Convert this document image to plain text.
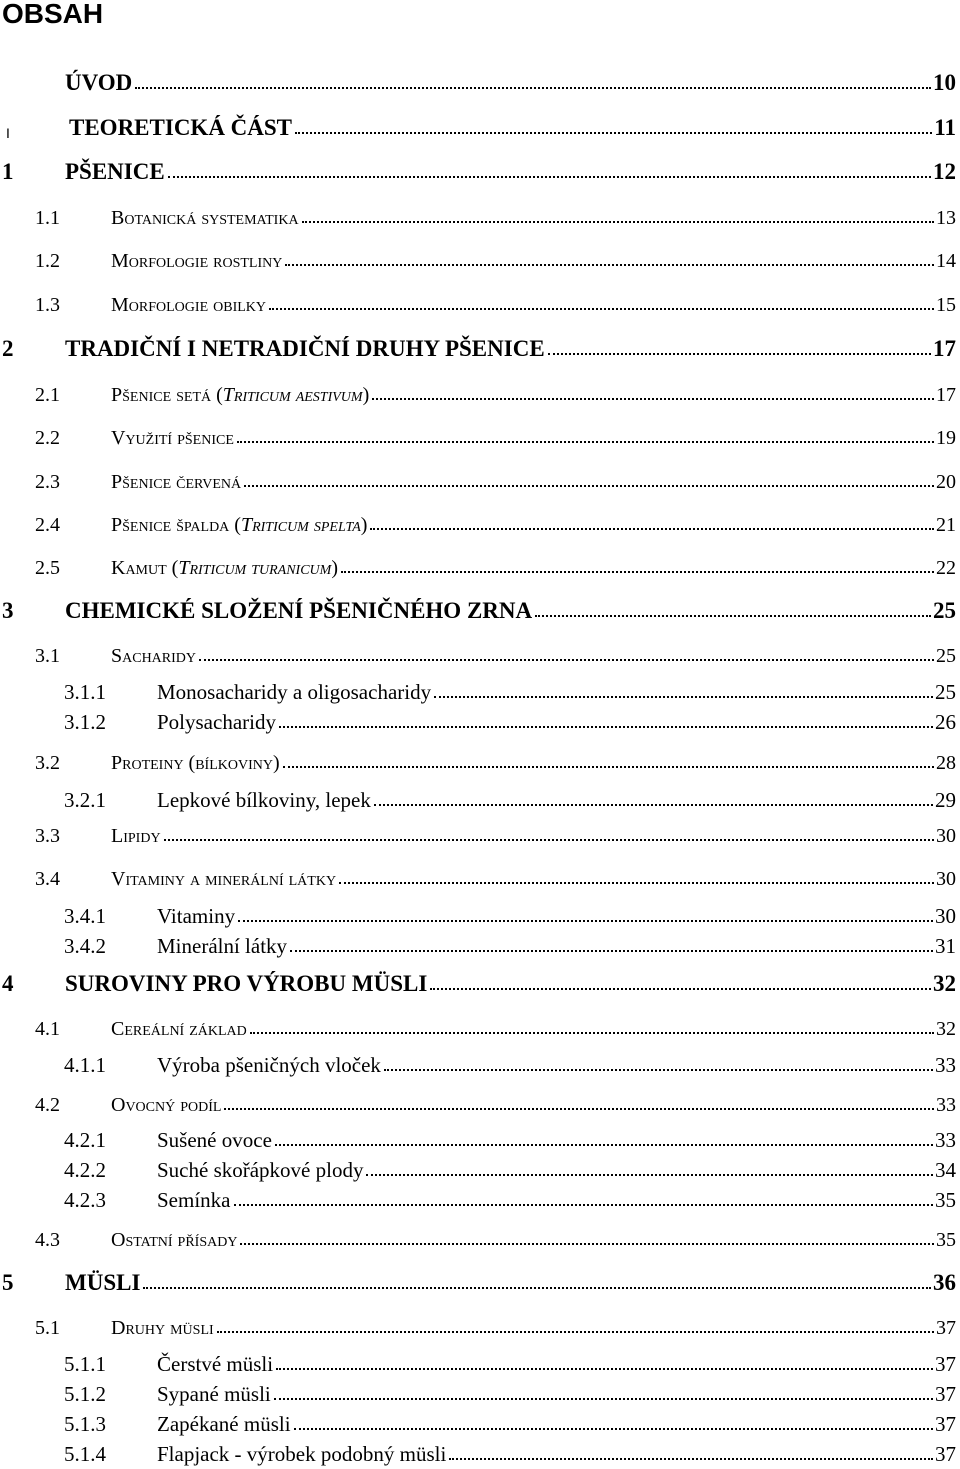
OBSAH
ÚVOD	10
I	TEORETICKÁ ČÁST	11
1	PŠENICE	12
1.1	Botanická systematika	13
1.2	Morfologie rostliny	14
1.3	Morfologie obilky	15
2	TRADIČNÍ I NETRADIČNÍ DRUHY PŠENICE	17
2.1	Pšenice setá (Triticum aestivum)	17
2.2	Využití pšenice	19
2.3	Pšenice červená	20
2.4	Pšenice špalda (Triticum spelta)	21
2.5	Kamut (Triticum turanicum)	22
3	CHEMICKÉ SLOŽENÍ PŠENIČNÉHO ZRNA	25
3.1	Sacharidy	25
3.1.1	Monosacharidy a oligosacharidy	25
3.1.2	Polysacharidy	26
3.2	Proteiny (bílkoviny)	28
3.2.1	Lepkové bílkoviny, lepek	29
3.3	Lipidy	30
3.4	Vitaminy a minerální látky	30
3.4.1	Vitaminy	30
3.4.2	Minerální látky	31
4	SUROVINY PRO VÝROBU MÜSLI	32
4.1	Cereální základ	32
4.1.1	Výroba pšeničných vloček	33
4.2	Ovocný podíl	33
4.2.1	Sušené ovoce	33
4.2.2	Suché skořápkové plody	34
4.2.3	Semínka	35
4.3	Ostatní přísady	35
5	MÜSLI	36
5.1	Druhy müsli	37
5.1.1	Čerstvé müsli	37
5.1.2	Sypané müsli	37
5.1.3	Zapékané müsli	37
5.1.4	Flapjack - výrobek podobný müsli	37
